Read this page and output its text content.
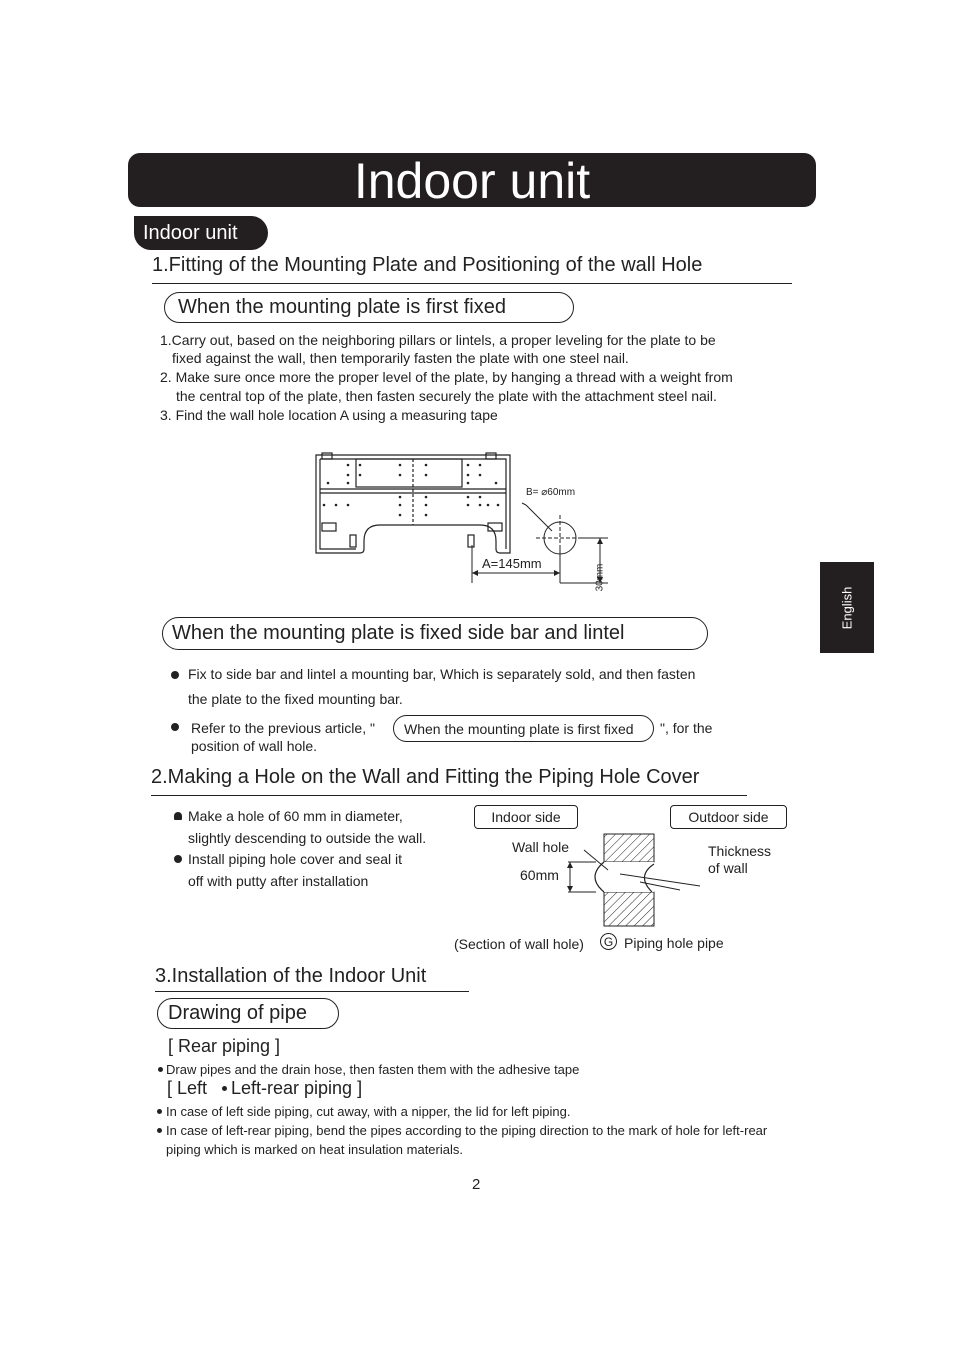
Indoor unit
English
Indoor unit
1.Fitting of the Mounting Plate and Positioning of the wall Hole
When the mounting plate is first fixed
1.Carry out, based on the neighboring pillars or lintels, a proper leveling for the plate to be
fixed against the wall, then temporarily fasten the plate with one steel nail.
2. Make sure once more the proper level of the plate, by hanging a thread with a weight from
the central top of the plate, then fasten securely the plate with the attachment steel nail.
3. Find the wall hole location A using a measuring tape
B= ⌀60mm
A=145mm
30mm
When the mounting plate is fixed side bar and lintel
Fix to side bar and lintel a mounting bar, Which is separately sold, and then fasten
the plate to the fixed mounting bar.
Refer to the previous article, " When the mounting plate is first fixed ", for the
position of wall hole.
2.Making a Hole on the Wall and Fitting the Piping Hole Cover
Make a hole of 60 mm in diameter,
slightly descending to outside the wall.
Install piping hole cover and seal it
off with putty after installation
Indoor side	Outdoor side
Wall hole	Thickness
of wall
60mm
(Section of wall hole) G Piping hole pipe
3.Installation of the Indoor Unit
Drawing of pipe
[ Rear piping ]
Draw pipes and the drain hose, then fasten them with the adhesive tape
[ Left Left-rear piping ]
In case of left side piping, cut away, with a nipper, the lid for left piping.
In case of left-rear piping, bend the pipes according to the piping direction to the mark of hole for left-rear
piping which is marked on heat insulation materials.
2
